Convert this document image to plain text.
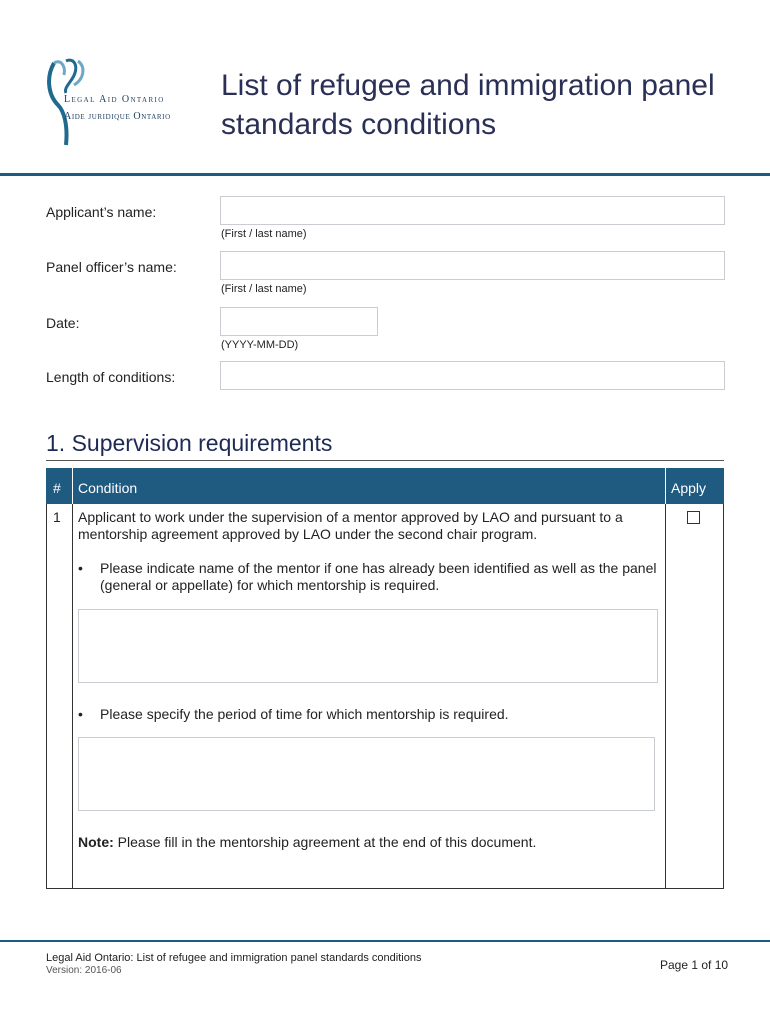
Legal Aid Ontario
Aide juridique Ontario
List of refugee and immigration panel
standards conditions
Applicant’s name:
(First / last name)
Panel officer’s name:
(First / last name)
Date:
(YYYY-MM-DD)
Length of conditions:
1. Supervision requirements
# Condition	Apply
1 Applicant to work under the supervision of a mentor approved by LAO and pursuant to a
mentorship agreement approved by LAO under the second chair program.
• Please indicate name of the mentor if one has already been identified as well as the panel
(general or appellate) for which mentorship is required.
• Please specify the period of time for which mentorship is required.
Note: Please fill in the mentorship agreement at the end of this document.
Legal Aid Ontario: List of refugee and immigration panel standards conditions
Version: 2016-06	Page 1 of 10
